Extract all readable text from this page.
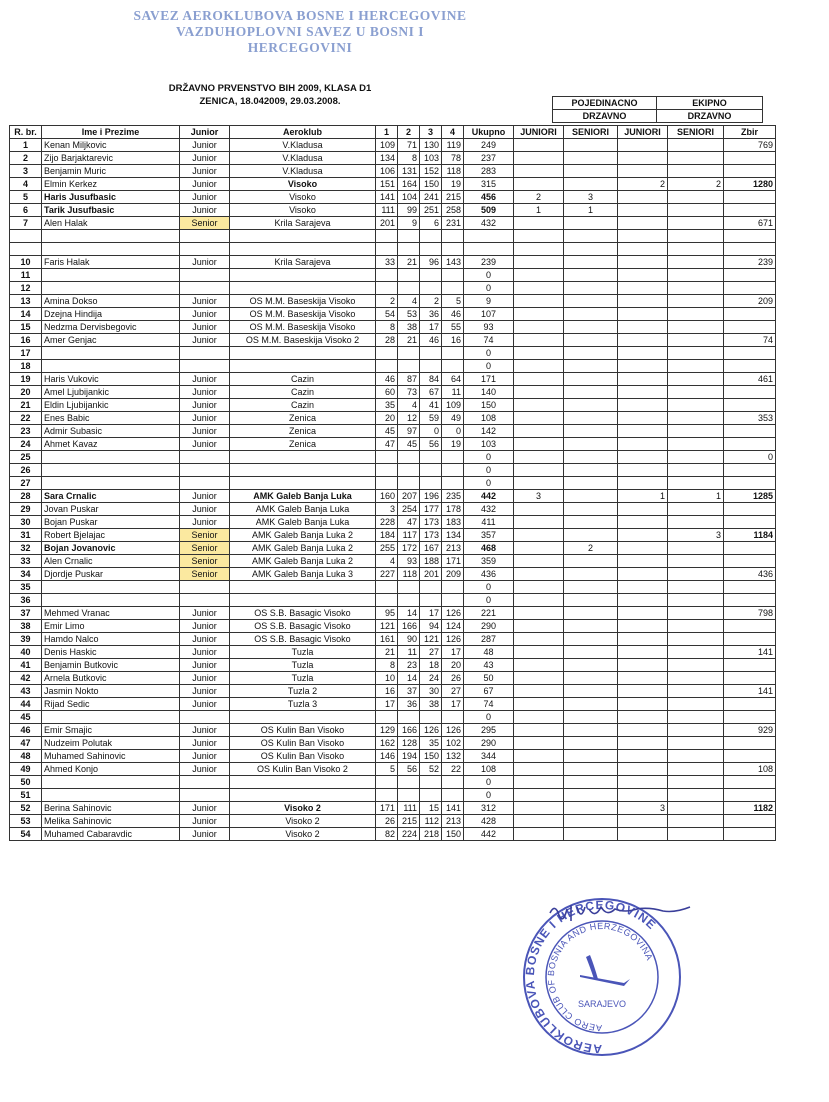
SAVEZ AEROKLUBOVA BOSNE I HERCEGOVINE
VAZDUHOPLOVNI SAVEZ U BOSNI I
HERCEGOVINI
DRŽAVNO PRVENSTVO BIH 2009, KLASA D1
ZENICA, 18.042009, 29.03.2008.	POJEDINACNO	EKIPNO
DRZAVNO	DRZAVNO
R. br.	Ime i Prezime	Junior	Aeroklub	1	2	3	4	Ukupno	JUNIORI	SENIORI	JUNIORI	SENIORI	Zbir
1	Kenan Miljkovic	Junior	V.Kladusa	109	71	130	119	249					769
2	Zijo Barjaktarevic	Junior	V.Kladusa	134	8	103	78	237					
3	Benjamin Muric	Junior	V.Kladusa	106	131	152	118	283					
4	Elmin Kerkez	Junior	Visoko	151	164	150	19	315			2	2	1280
5	Haris Jusufbasic	Junior	Visoko	141	104	241	215	456	2	3			
6	Tarik Jusufbasic	Junior	Visoko	111	99	251	258	509	1	1			
7	Alen Halak	Senior	Krila Sarajeva	201	9	6	231	432					671

10	Faris Halak	Junior	Krila Sarajeva	33	21	96	143	239					239
11								0					
12								0					
13	Amina Dokso	Junior	OS M.M. Baseskija Visoko	2	4	2	5	9					209
14	Dzejna Hindija	Junior	OS M.M. Baseskija Visoko	54	53	36	46	107					
15	Nedzma Dervisbegovic	Junior	OS M.M. Baseskija Visoko	8	38	17	55	93					
16	Amer Genjac	Junior	OS M.M. Baseskija Visoko 2	28	21	46	16	74					74
17								0					
18								0					
19	Haris Vukovic	Junior	Cazin	46	87	84	64	171					461
20	Amel Ljubijankic	Junior	Cazin	60	73	67	11	140					
21	Eldin Ljubijankic	Junior	Cazin	35	4	41	109	150					
22	Enes Babic	Junior	Zenica	20	12	59	49	108					353
23	Admir Subasic	Junior	Zenica	45	97	0	0	142					
24	Ahmet Kavaz	Junior	Zenica	47	45	56	19	103					
25								0					0
26								0					
27								0					
28	Sara Crnalic	Junior	AMK Galeb Banja Luka	160	207	196	235	442	3		1	1	1285
29	Jovan Puskar	Junior	AMK Galeb Banja Luka	3	254	177	178	432					
30	Bojan Puskar	Junior	AMK Galeb Banja Luka	228	47	173	183	411					
31	Robert Bjelajac	Senior	AMK Galeb Banja Luka 2	184	117	173	134	357				3	1184
32	Bojan Jovanovic	Senior	AMK Galeb Banja Luka 2	255	172	167	213	468		2			
33	Alen Crnalic	Senior	AMK Galeb Banja Luka 2	4	93	188	171	359					
34	Djordje Puskar	Senior	AMK Galeb Banja Luka 3	227	118	201	209	436					436
35								0					
36								0					
37	Mehmed Vranac	Junior	OS S.B. Basagic Visoko	95	14	17	126	221					798
38	Emir Limo	Junior	OS S.B. Basagic Visoko	121	166	94	124	290					
39	Hamdo Nalco	Junior	OS S.B. Basagic Visoko	161	90	121	126	287					
40	Denis Haskic	Junior	Tuzla	21	11	27	17	48					141
41	Benjamin Butkovic	Junior	Tuzla	8	23	18	20	43					
42	Arnela Butkovic	Junior	Tuzla	10	14	24	26	50					
43	Jasmin Nokto	Junior	Tuzla 2	16	37	30	27	67					141
44	Rijad Sedic	Junior	Tuzla 3	17	36	38	17	74					
45								0					
46	Emir Smajic	Junior	OS Kulin Ban Visoko	129	166	126	126	295					929
47	Nudzeim Polutak	Junior	OS Kulin Ban Visoko	162	128	35	102	290					
48	Muhamed Sahinovic	Junior	OS Kulin Ban Visoko	146	194	150	132	344					
49	Ahmed Konjo	Junior	OS Kulin Ban Visoko 2	5	56	52	22	108					108
50								0					
51								0					
52	Berina Sahinovic	Junior	Visoko 2	171	111	15	141	312			3		1182
53	Melika Sahinovic	Junior	Visoko 2	26	215	112	213	428					
54	Muhamed Cabaravdic	Junior	Visoko 2	82	224	218	150	442					
AEROKLUBOVA BOSNE I HERCEGOVINE
AERO CLUB OF BOSNIA AND HERZEGOVINA
SARAJEVO
